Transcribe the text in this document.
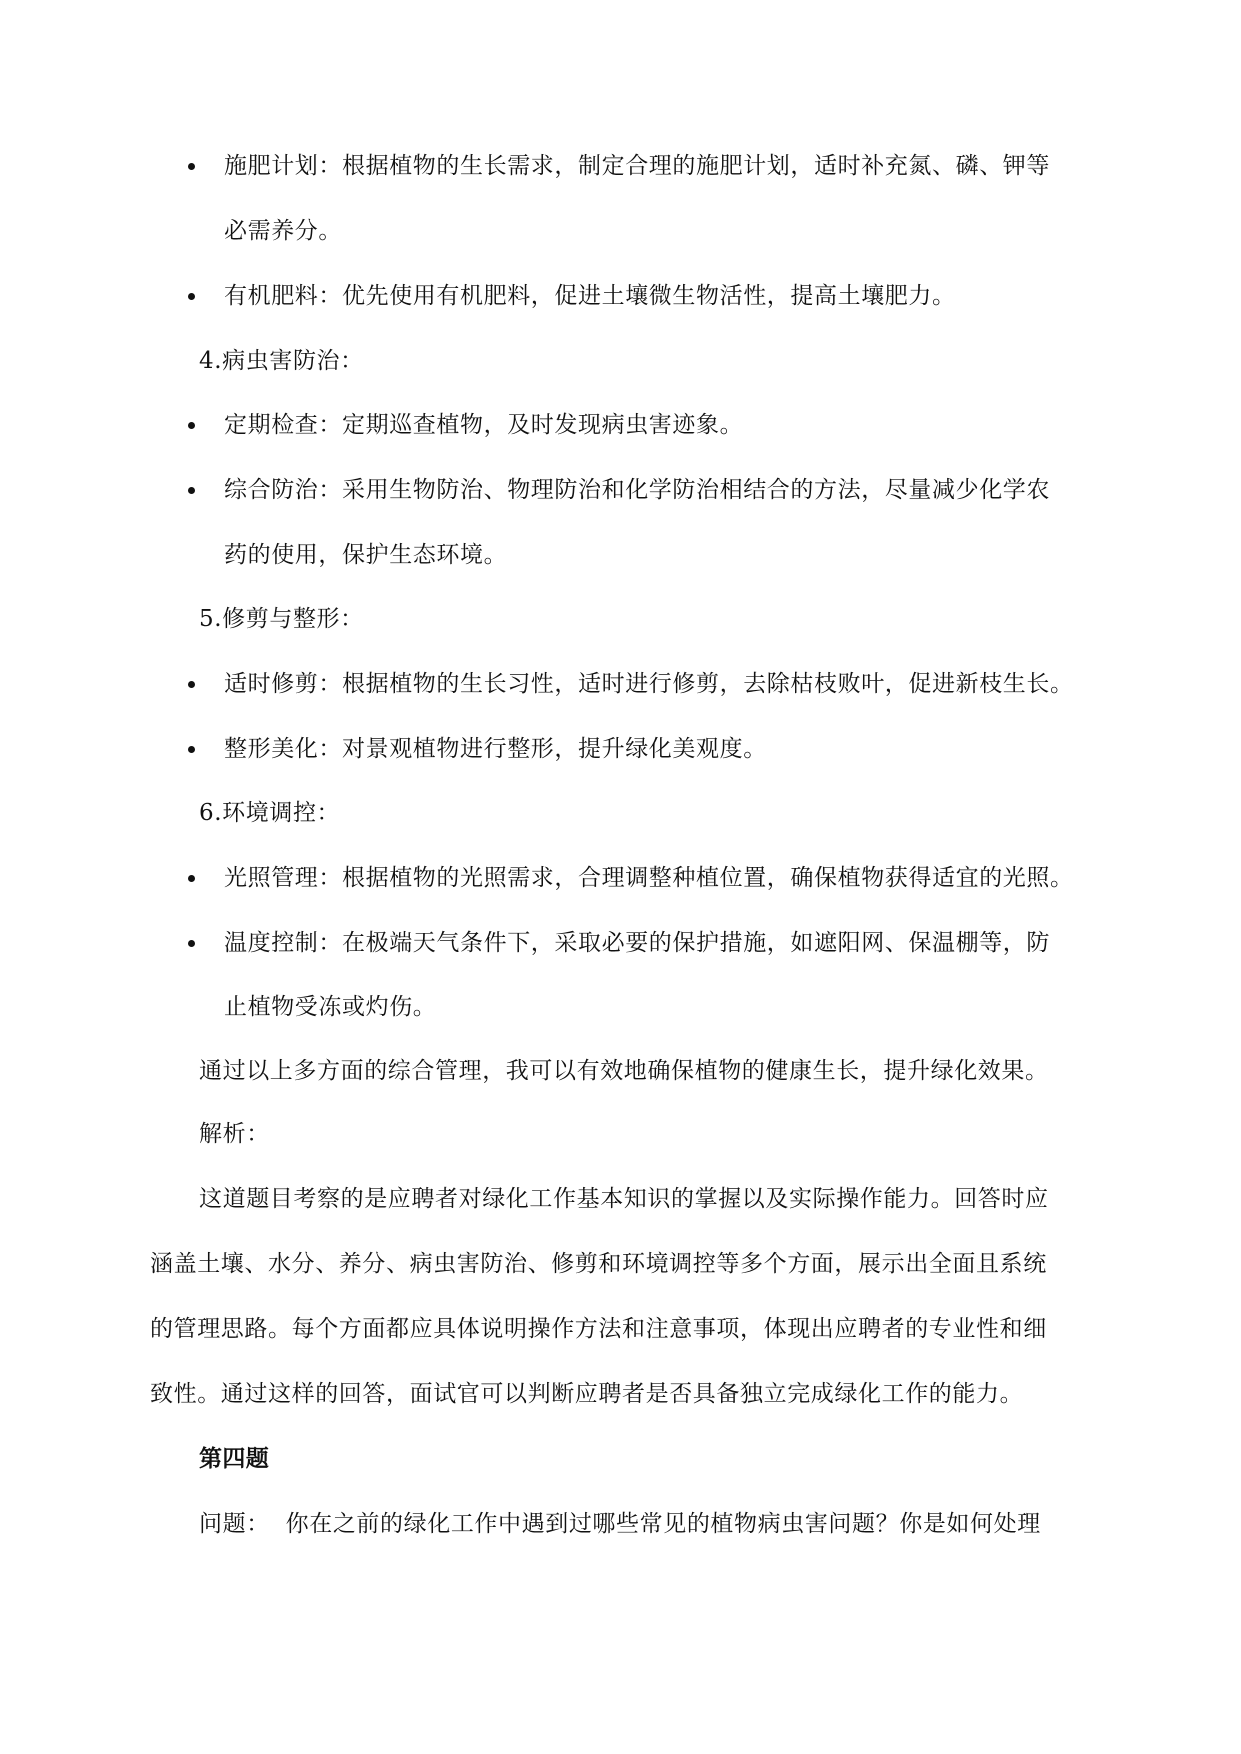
施肥计划：根据植物的生长需求，制定合理的施肥计划，适时补充氮、磷、钾等
必需养分。
有机肥料：优先使用有机肥料，促进土壤微生物活性，提高土壤肥力。
4.病虫害防治：
定期检查：定期巡查植物，及时发现病虫害迹象。
综合防治：采用生物防治、物理防治和化学防治相结合的方法，尽量减少化学农
药的使用，保护生态环境。
5.修剪与整形：
适时修剪：根据植物的生长习性，适时进行修剪，去除枯枝败叶，促进新枝生长。
整形美化：对景观植物进行整形，提升绿化美观度。
6.环境调控：
光照管理：根据植物的光照需求，合理调整种植位置，确保植物获得适宜的光照。
温度控制：在极端天气条件下，采取必要的保护措施，如遮阳网、保温棚等，防
止植物受冻或灼伤。
通过以上多方面的综合管理，我可以有效地确保植物的健康生长，提升绿化效果。
解析：
这道题目考察的是应聘者对绿化工作基本知识的掌握以及实际操作能力。回答时应
涵盖土壤、水分、养分、病虫害防治、修剪和环境调控等多个方面，展示出全面且系统
的管理思路。每个方面都应具体说明操作方法和注意事项，体现出应聘者的专业性和细
致性。通过这样的回答，面试官可以判断应聘者是否具备独立完成绿化工作的能力。
第四题
问题：  你在之前的绿化工作中遇到过哪些常见的植物病虫害问题？你是如何处理
